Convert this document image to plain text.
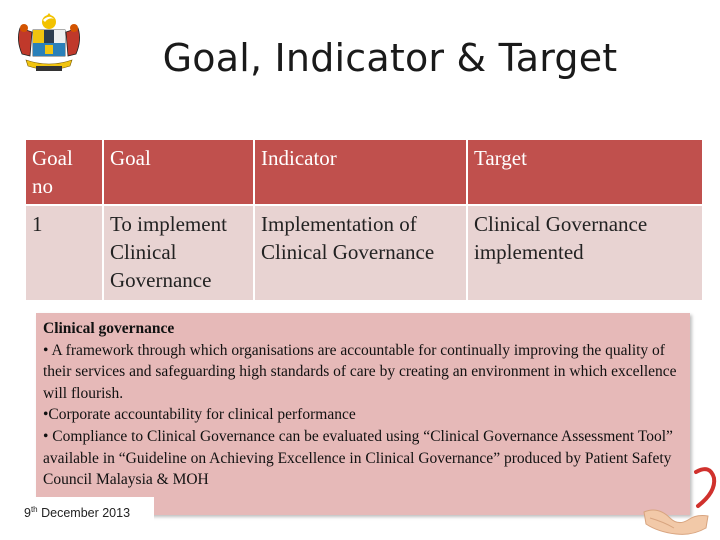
Goal, Indicator & Target
Goal no	Goal	Indicator	Target
1	To implement Clinical Governance	Implementation of Clinical Governance	Clinical Governance implemented
Clinical governance
• A framework through which organisations are accountable for continually improving the quality of their services and safeguarding high standards of care by creating an environment in which excellence will flourish.
•Corporate accountability for clinical performance
• Compliance to Clinical Governance can be evaluated using “Clinical Governance Assessment Tool” available in “Guideline on Achieving Excellence in Clinical Governance” produced by Patient Safety Council Malaysia & MOH
9th December 2013
